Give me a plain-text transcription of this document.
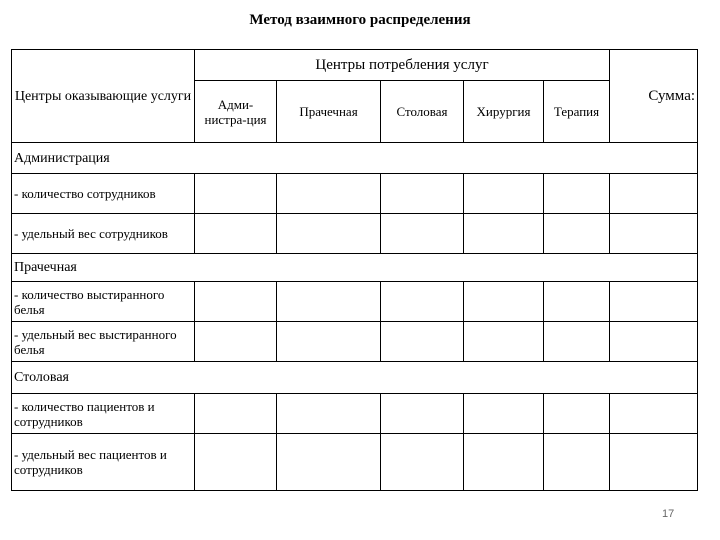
Метод взаимного распределения
Центры оказывающие услуги	Центры потребления услуг					Сумма:
	Адми-нистра-ция	Прачечная	Столовая	Хирургия	Терапия	
Администрация						
- количество сотрудников						
- удельный вес сотрудников						
Прачечная						
- количество выстиранного белья						
- удельный вес выстиранного белья						
Столовая						
- количество пациентов и сотрудников						
- удельный вес пациентов и сотрудников						
17
